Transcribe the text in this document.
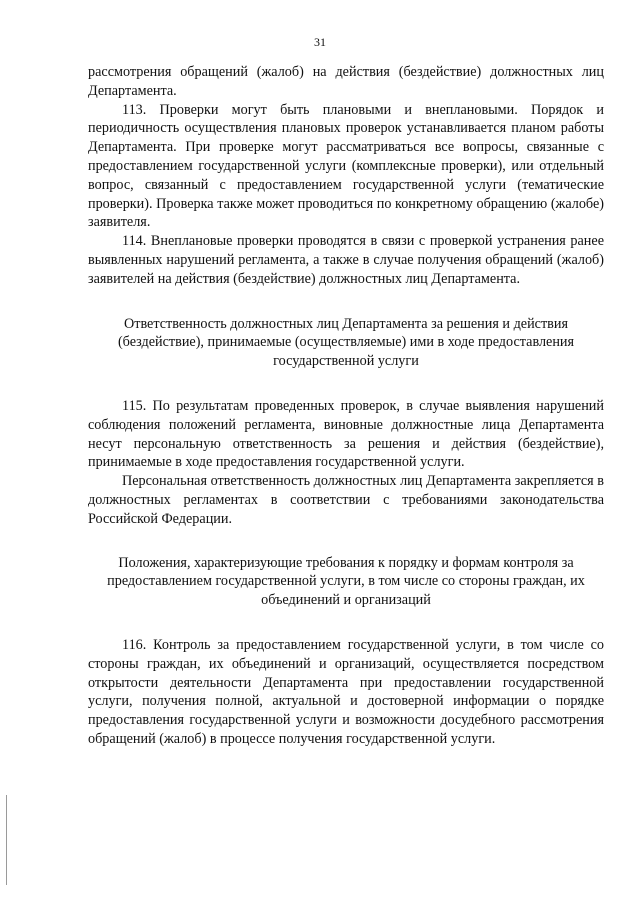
31

рассмотрения обращений (жалоб) на действия (бездействие) должностных лиц Департамента.

113. Проверки могут быть плановыми и внеплановыми. Порядок и периодичность осуществления плановых проверок устанавливается планом работы Департамента. При проверке могут рассматриваться все вопросы, связанные с предоставлением государственной услуги (комплексные проверки), или отдельный вопрос, связанный с предоставлением государственной услуги (тематические проверки). Проверка также может проводиться по конкретному обращению (жалобе) заявителя.

114. Внеплановые проверки проводятся в связи с проверкой устранения ранее выявленных нарушений регламента, а также в случае получения обращений (жалоб) заявителей на действия (бездействие) должностных лиц Департамента.

Ответственность должностных лиц Департамента за решения и действия (бездействие), принимаемые (осуществляемые) ими в ходе предоставления государственной услуги

115. По результатам проведенных проверок, в случае выявления нарушений соблюдения положений регламента, виновные должностные лица Департамента несут персональную ответственность за решения и действия (бездействие), принимаемые в ходе предоставления государственной услуги.

Персональная ответственность должностных лиц Департамента закрепляется в должностных регламентах в соответствии с требованиями законодательства Российской Федерации.

Положения, характеризующие требования к порядку и формам контроля за предоставлением государственной услуги, в том числе со стороны граждан, их объединений и организаций

116. Контроль за предоставлением государственной услуги, в том числе со стороны граждан, их объединений и организаций, осуществляется посредством открытости деятельности Департамента при предоставлении государственной услуги, получения полной, актуальной и достоверной информации о порядке предоставления государственной услуги и возможности досудебного рассмотрения обращений (жалоб) в процессе получения государственной услуги.
